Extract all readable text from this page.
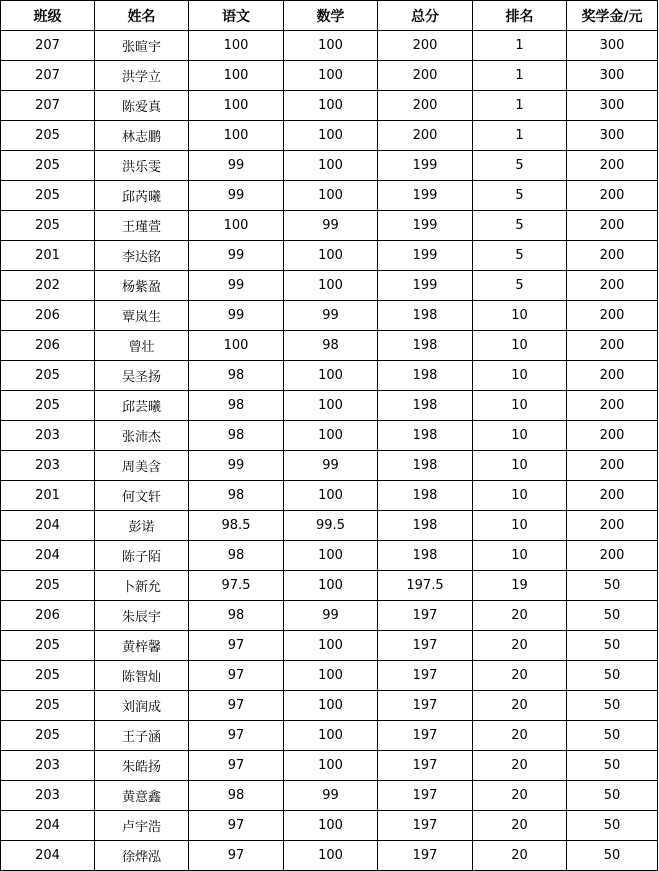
班级	姓名	语文	数学	总分	排名	奖学金/元
207	张暄宇	100	100	200	1	300
207	洪学立	100	100	200	1	300
207	陈爱真	100	100	200	1	300
205	林志鹏	100	100	200	1	300
205	洪乐雯	99	100	199	5	200
205	邱芮曦	99	100	199	5	200
205	王瑾萱	100	99	199	5	200
201	李达铭	99	100	199	5	200
202	杨紫盈	99	100	199	5	200
206	覃岚生	99	99	198	10	200
206	曾壮	100	98	198	10	200
205	吴圣扬	98	100	198	10	200
205	邱芸曦	98	100	198	10	200
203	张沛杰	98	100	198	10	200
203	周美含	99	99	198	10	200
201	何文轩	98	100	198	10	200
204	彭诺	98.5	99.5	198	10	200
204	陈子陌	98	100	198	10	200
205	卜新允	97.5	100	197.5	19	50
206	朱辰宇	98	99	197	20	50
205	黄梓馨	97	100	197	20	50
205	陈智灿	97	100	197	20	50
205	刘润成	97	100	197	20	50
205	王子涵	97	100	197	20	50
203	朱皓扬	97	100	197	20	50
203	黄意鑫	98	99	197	20	50
204	卢宇浩	97	100	197	20	50
204	徐烨泓	97	100	197	20	50
